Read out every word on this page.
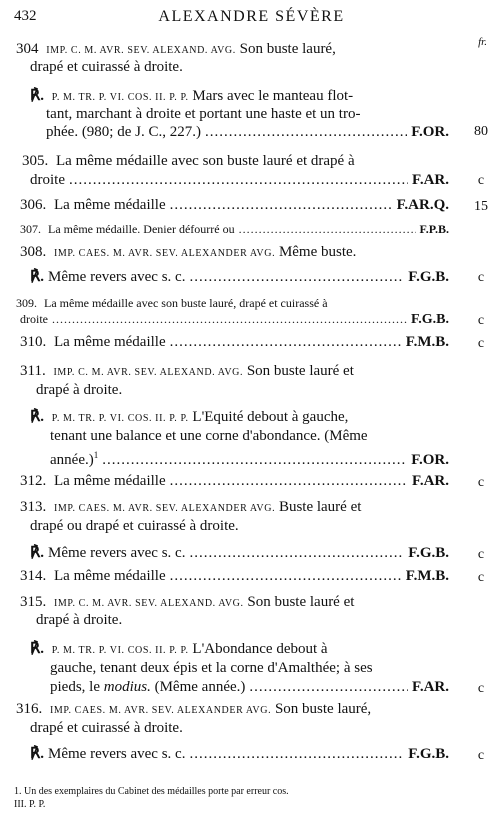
432	ALEXANDRE SÉVÈRE
fr.
304 IMP. C. M. AVR. SEV. ALEXAND. AVG. Son buste lauré,
drapé et cuirassé à droite.
℟. P. M. TR. P. VI. COS. II. P. P. Mars avec le manteau flot-
tant, marchant à droite et portant une haste et un tro-
phée. (980; de J. C., 227.) .....	F.OR.	80
305. La même médaille avec son buste lauré et drapé à
droite .....	F.AR.	c
306. La même médaille .....	F.AR.Q.	15
307. La même médaille. Denier défourré ou .....	F.P.B.
308. IMP. CAES. M. AVR. SEV. ALEXANDER AVG. Même buste.
℟. Même revers avec s. c. .....	F.G.B.	c
309. La même médaille avec son buste lauré, drapé et cuirassé à
droite .....	F.G.B.	c
310. La même médaille .....	F.M.B.	c
311. IMP. C. M. AVR. SEV. ALEXAND. AVG. Son buste lauré et
drapé à droite.
℟. P. M. TR. P. VI. COS. II. P. P. L'Equité debout à gauche,
tenant une balance et une corne d'abondance. (Même
année.)$^1$ .....	F.OR.
312. La même médaille .....	F.AR.	c
313. IMP. CAES. M. AVR. SEV. ALEXANDER AVG. Buste lauré et
drapé ou drapé et cuirassé à droite.
℟. Même revers avec s. c. .....	F.G.B.	c
314. La même médaille .....	F.M.B.	c
315. IMP. C. M. AVR. SEV. ALEXAND. AVG. Son buste lauré et
drapé à droite.
℟. P. M. TR. P. VI. COS. II. P. P. L'Abondance debout à
gauche, tenant deux épis et la corne d'Amalthée; à ses
pieds, le modius. (Même année.) .....	F.AR.	c
316. IMP. CAES. M. AVR. SEV. ALEXANDER AVG. Son buste lauré,
drapé et cuirassé à droite.
℟. Même revers avec s. c. .....	F.G.B.	c
1. Un des exemplaires du Cabinet des médailles porte par erreur cos.
III. P. P.
